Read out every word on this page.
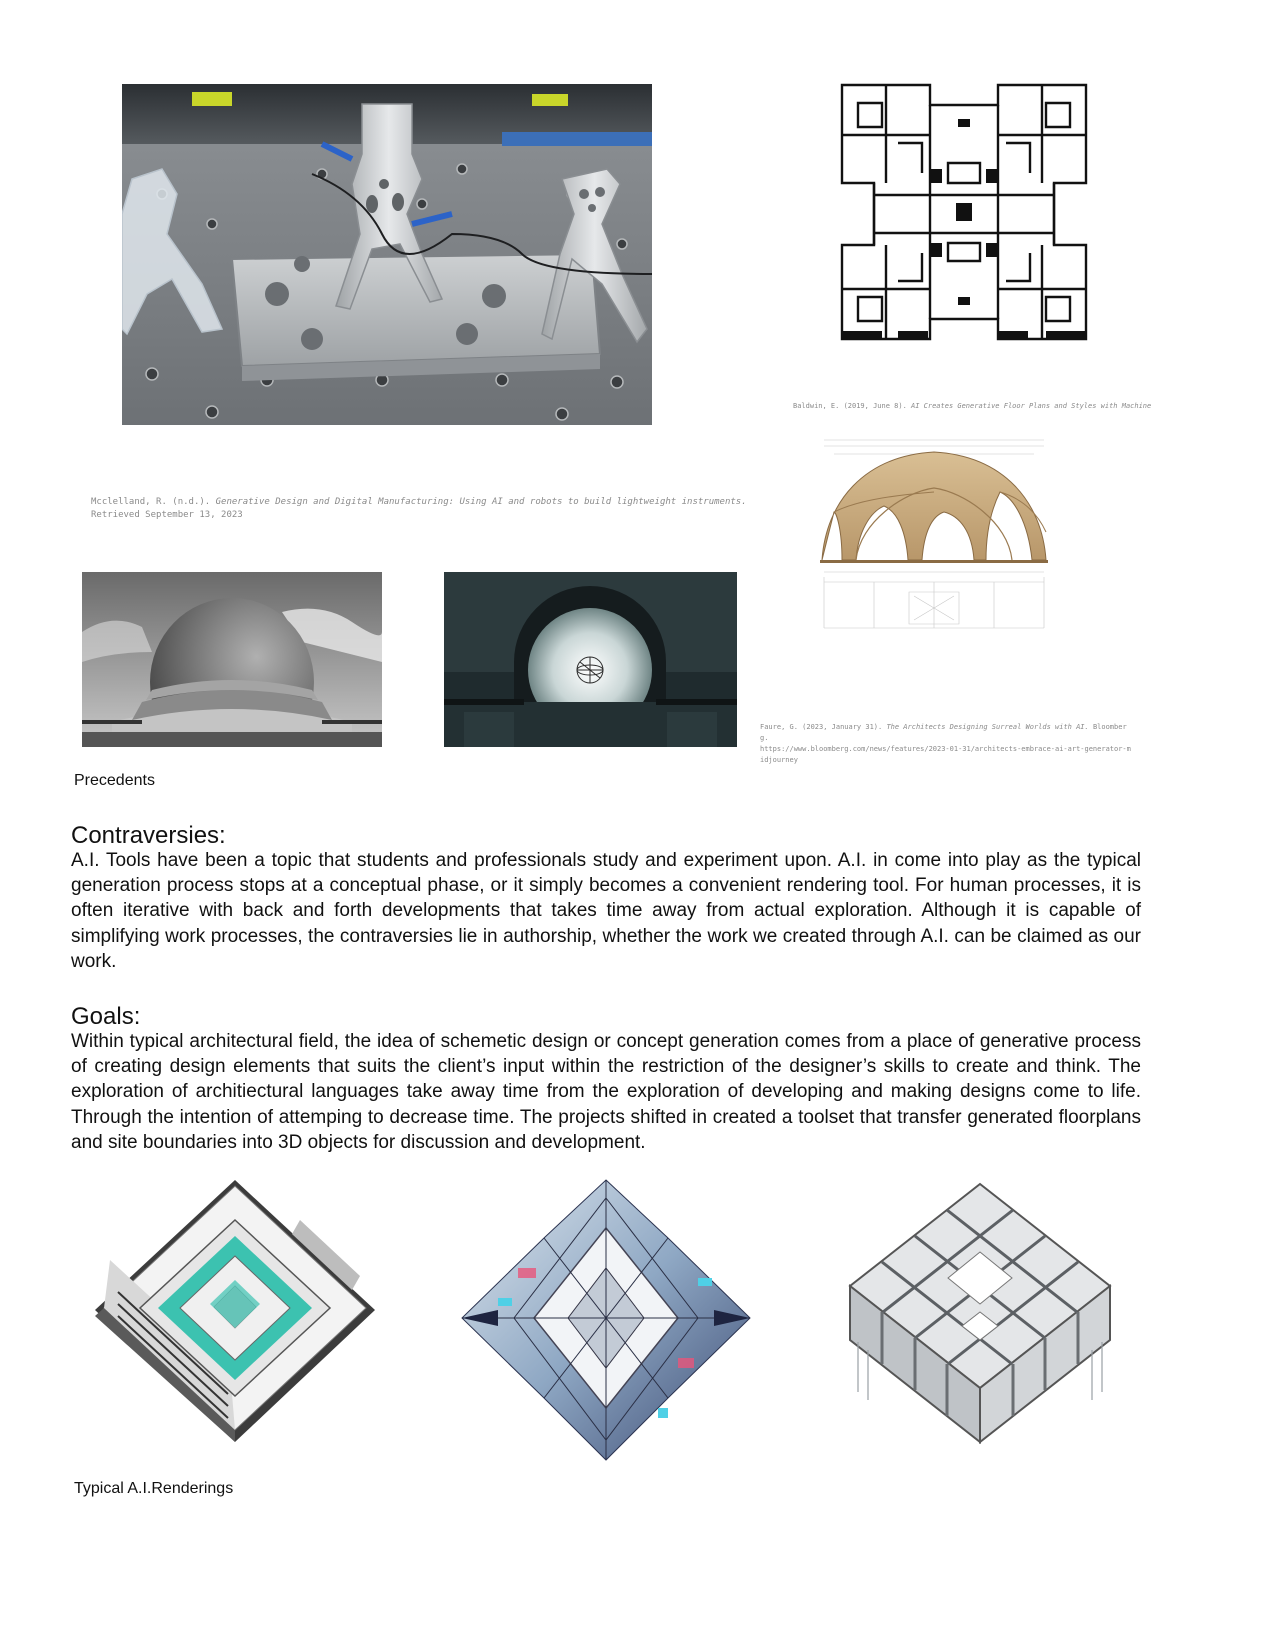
Baldwin, E. (2019, June 8). AI Creates Generative Floor Plans and Styles with Machine
Mcclelland, R. (n.d.). Generative Design and Digital Manufacturing: Using AI and robots to build lightweight instruments.
Retrieved September 13, 2023
Faure, G. (2023, January 31). The Architects Designing Surreal Worlds with AI. Bloomberg.
https://www.bloomberg.com/news/features/2023-01-31/architects-embrace-ai-art-generator-midjourney
Precedents
Contraversies:

A.I. Tools have been a topic that students and professionals study and experiment upon. A.I. in come into play as the typical generation process stops at a conceptual phase, or it simply becomes a convenient rendering tool. For human processes, it is often iterative with back and forth developments that takes time away from actual exploration. Although it is capable of simplifying work processes, the contraversies lie in authorship, whether the work we created through A.I. can be claimed as our work.

Goals:

Within typical architectural field, the idea of schemetic design or concept generation comes from a place of generative process of creating design elements that suits the client’s input within the restriction of the designer’s skills to create and think. The exploration of architiectural languages take away time from the exploration of developing and making designs come to life. Through the intention of attemping to decrease time. The projects shifted in created a toolset that transfer generated floorplans and site boundaries into 3D objects for discussion and development.

Typical A.I.Renderings
